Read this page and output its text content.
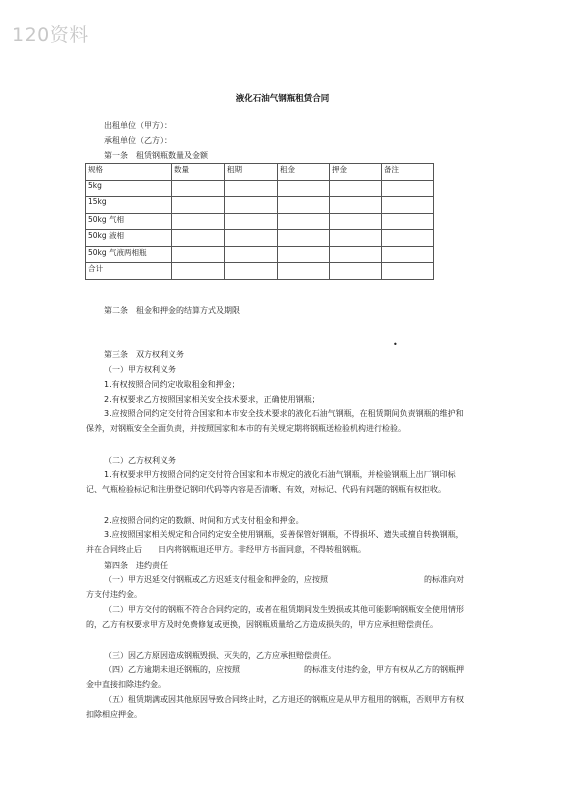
120资料
液化石油气钢瓶租赁合同
出租单位（甲方）：
承租单位（乙方）：
第一条　租赁钢瓶数量及金额
规格	数量	租期	租金	押金	备注
5kg					
15kg					
50kg 气相					
50kg 液相					
50kg 气液两相瓶					
合计					
第二条　租金和押金的结算方式及期限
•
第三条　双方权利义务
（一）甲方权利义务
1.有权按照合同约定收取租金和押金；
2.有权要求乙方按照国家相关安全技术要求，正确使用钢瓶；
3.应按照合同约定交付符合国家和本市安全技术要求的液化石油气钢瓶，在租赁期间负责钢瓶的维护和保养，对钢瓶安全全面负责，并按照国家和本市的有关规定期将钢瓶送检验机构进行检验。
（二）乙方权利义务
1.有权要求甲方按照合同约定交付符合国家和本市规定的液化石油气钢瓶，并检验钢瓶上出厂钢印标记、气瓶检验标记和注册登记钢印代码等内容是否清晰、有效，对标记、代码有问题的钢瓶有权拒收。
2.应按照合同约定的数额、时间和方式支付租金和押金。
3.应按照国家相关规定和合同约定安全使用钢瓶，妥善保管好钢瓶，不得损坏、遗失或擅自转换钢瓶，并在合同终止后　　日内将钢瓶退还甲方。非经甲方书面同意，不得转租钢瓶。
第四条　违约责任
（一）甲方迟延交付钢瓶或乙方迟延支付租金和押金的，应按照　　　　　　　　　　　　的标准向对方支付违约金。
（二）甲方交付的钢瓶不符合合同约定的，或者在租赁期间发生毁损或其他可能影响钢瓶安全使用情形的，乙方有权要求甲方及时免费修复或更换，因钢瓶质量给乙方造成损失的，甲方应承担赔偿责任。
（三）因乙方原因造成钢瓶毁损、灭失的，乙方应承担赔偿责任。
（四）乙方逾期未退还钢瓶的，应按照　　　　　　　　的标准支付违约金，甲方有权从乙方的钢瓶押金中直接扣除违约金。
（五）租赁期满或因其他原因导致合同终止时，乙方退还的钢瓶应是从甲方租用的钢瓶，否则甲方有权扣除相应押金。
